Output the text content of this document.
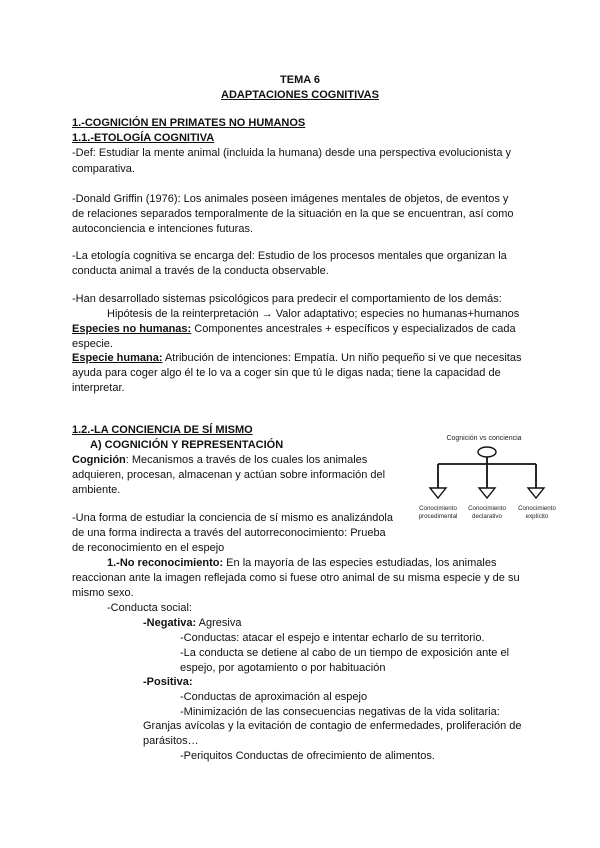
TEMA 6
ADAPTACIONES COGNITIVAS
1.-COGNICIÓN EN PRIMATES NO HUMANOS
1.1.-ETOLOGÍA COGNITIVA
-Def: Estudiar la mente animal (incluida la humana) desde una perspectiva evolucionista y
comparativa.
-Donald Griffin (1976): Los animales poseen imágenes mentales de objetos, de eventos y
de relaciones separados temporalmente de la situación en la que se encuentran, así como
autoconciencia e intenciones futuras.
-La etología cognitiva se encarga del: Estudio de los procesos mentales que organizan la
conducta animal a través de la conducta observable.
-Han desarrollado sistemas psicológicos para predecir el comportamiento de los demás:
Hipótesis de la reinterpretación → Valor adaptativo; especies no humanas+humanos
Especies no humanas: Componentes ancestrales + específicos y especializados de cada
especie.
Especie humana: Atribución de intenciones: Empatía. Un niño pequeño si ve que necesitas
ayuda para coger algo él te lo va a coger sin que tú le digas nada; tiene la capacidad de
interpretar.
1.2.-LA CONCIENCIA DE SÍ MISMO
A) COGNICIÓN Y REPRESENTACIÓN
Cognición: Mecanismos a través de los cuales los animales
adquieren, procesan, almacenan y actúan sobre información del
ambiente.
-Una forma de estudiar la conciencia de sí mismo es analizándola
de una forma indirecta a través del autorreconocimiento: Prueba
de reconocimiento en el espejo
1.-No reconocimiento: En la mayoría de las especies estudiadas, los animales
reaccionan ante la imagen reflejada como si fuese otro animal de su misma especie y de su
mismo sexo.
-Conducta social:
-Negativa: Agresiva
-Conductas: atacar el espejo e intentar echarlo de su territorio.
-La conducta se detiene al cabo de un tiempo de exposición ante el
espejo, por agotamiento o por habituación
-Positiva:
-Conductas de aproximación al espejo
-Minimización de las consecuencias negativas de la vida solitaria:
Granjas avícolas y la evitación de contagio de enfermedades, proliferación de
parásitos…
-Periquitos Conductas de ofrecimiento de alimentos.
Cognición vs conciencia
Conocimiento
procedimental
Conocimiento
declarativo
Conocimiento
explícito
